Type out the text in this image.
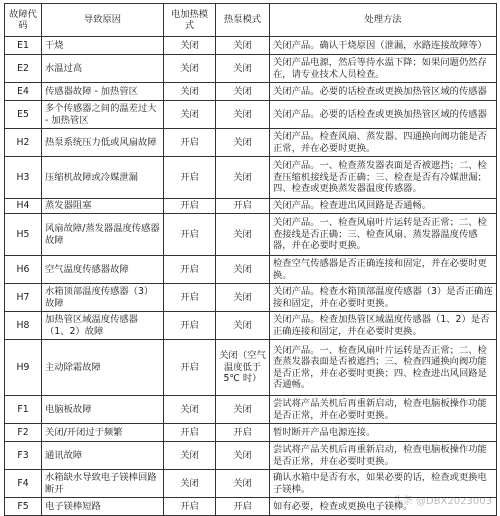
故障代码	导致原因	电加热模式	热泵模式	处理方法
E1	干烧	关闭	关闭	关闭产品。确认干烧原因（泄漏，水路连接故障等）
E2	水温过高	关闭	关闭	关闭产品电源，然后等待水温下降；如果问题仍然存在，请专业技术人员检查。
E4	传感器故障 - 加热管区	关闭	关闭	关闭产品。必要的话检查或更换加热管区域的传感器
E5	多个传感器之间的温差过大 - 加热管区	关闭	关闭	关闭产品。必要的话检查或更换加热管区域的传感器
H2	热泵系统压力低或风扇故障	开启	关闭	关闭产品。检查风扇、蒸发器、四通换向阀功能是否正常，并在必要时更换。
H3	压缩机故障或冷媒泄漏	开启	关闭	关闭产品。一、检查蒸发器表面是否被遮挡；二、检查压缩机接线是否正确；三、检查是否有冷媒泄漏；四、检查或更换蒸发器温度传感器。
H4	蒸发器阻塞	开启	开启	关闭产品。检查进出风回路是否通畅。
H5	风扇故障/蒸发器温度传感器故障	开启	关闭	关闭产品。一、检查风扇叶片运转是否正常；二、检查接线是否正确；三、检查风扇、蒸发器温度传感器，并在必要时更换。
H6	空气温度传感器故障	开启	关闭	检查空气传感器是否正确连接和固定，并在必要时更换。
H7	水箱顶部温度传感器（3）故障	开启	关闭	关闭产品。检查水箱顶部温度传感器（3）是否正确连接和固定，并在必要时更换。
H8	加热管区域温度传感器（1、2）故障	开启	关闭	关闭产品。检查加热管区域温度传感器（1、2）是否正确连接和固定，并在必要时更换。
H9	主动除霜故障	开启	关闭（空气温度低于 5℃ 时）	关闭产品。一、检查风扇叶片运转是否正常；二、检查蒸发器表面是否被遮挡；三、检查四通换向阀功能是否正常，并在必要时更换；四、检查进出风回路是否通畅。
F1	电脑板故障	关闭	关闭	尝试将产品关机后再重新启动，检查电脑板操作功能是否正常，并在必要时更换。
F2	关闭/开闭过于频繁	开启	开启	暂时断开产品电源连接。
F3	通讯故障	关闭	关闭	尝试将产品关机后再重新启动，检查电脑板操作功能是否正常，并在必要时更换。
F4	水箱缺水导致电子镁棒回路断开	关闭	关闭	确认水箱中是否有水，如果必要的话，检查或更换电子镁棒。
F5	电子镁棒短路	开启	开启	如有必要，检查或更换电子镁棒。
头条 @DBX2023003
